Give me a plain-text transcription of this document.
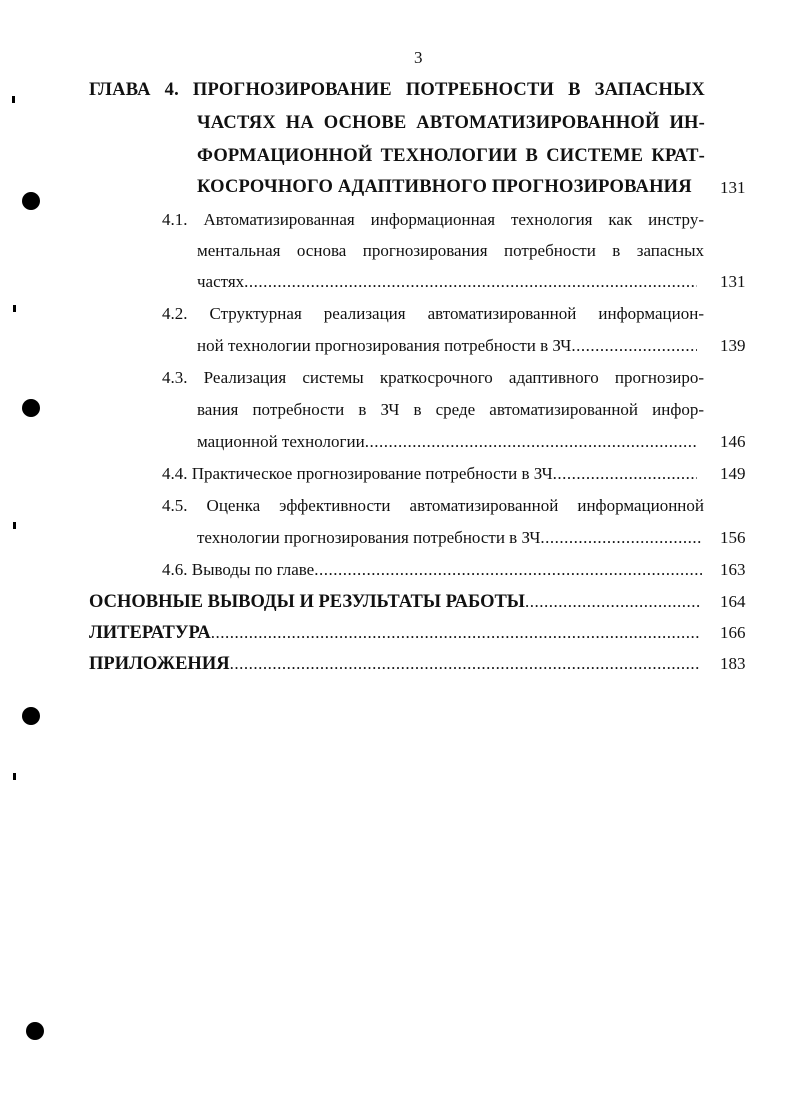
3
ГЛАВА 4. ПРОГНОЗИРОВАНИЕ ПОТРЕБНОСТИ В ЗАПАСНЫХ
ЧАСТЯХ НА ОСНОВЕ АВТОМАТИЗИРОВАННОЙ ИН-
ФОРМАЦИОННОЙ ТЕХНОЛОГИИ В СИСТЕМЕ КРАТ-
КОСРОЧНОГО АДАПТИВНОГО ПРОГНОЗИРОВАНИЯ 131
4.1. Автоматизированная информационная технология как инстру-
ментальная основа прогнозирования потребности в запасных
частях .....	131
4.2. Структурная реализация автоматизированной информацион-
ной технологии прогнозирования потребности в ЗЧ .....	139
4.3. Реализация системы краткосрочного адаптивного прогнозиро-
вания потребности в ЗЧ в среде автоматизированной инфор-
мационной технологии .....	146
4.4. Практическое прогнозирование потребности в ЗЧ .....	149
4.5. Оценка эффективности автоматизированной информационной
технологии прогнозирования потребности в ЗЧ .....	156
4.6. Выводы по главе .....	163
ОСНОВНЫЕ ВЫВОДЫ И РЕЗУЛЬТАТЫ РАБОТЫ .....	164
ЛИТЕРАТУРА .....	166
ПРИЛОЖЕНИЯ .....	183
